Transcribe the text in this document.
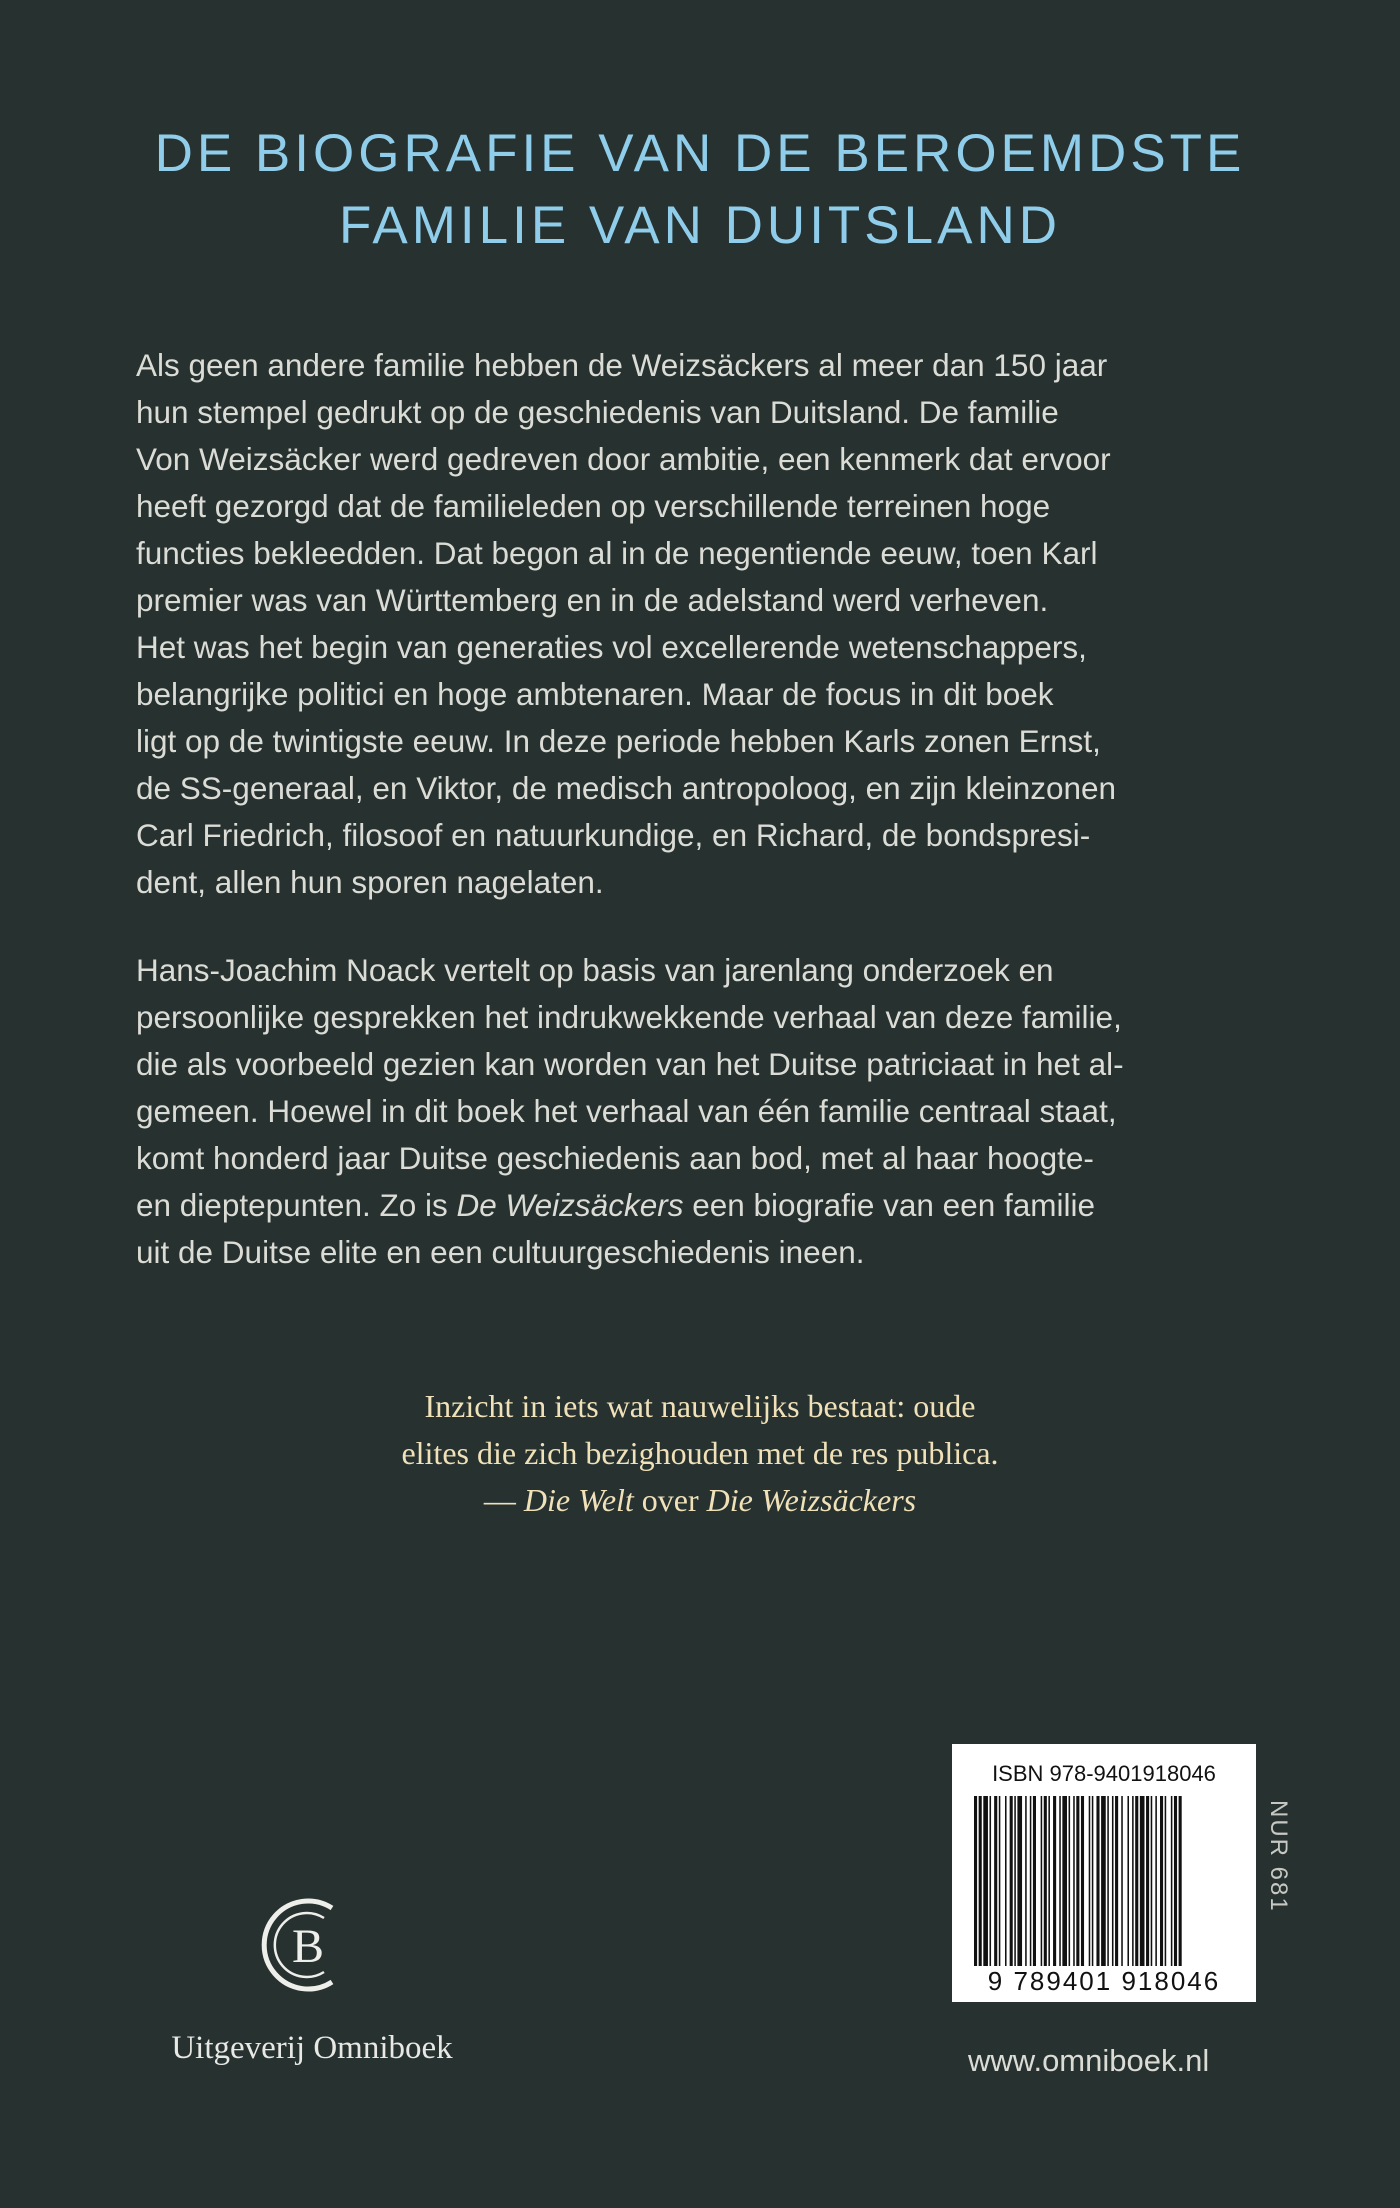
DE BIOGRAFIE VAN DE BEROEMDSTE
FAMILIE VAN DUITSLAND
Als geen andere familie hebben de Weizsäckers al meer dan 150 jaar
hun stempel gedrukt op de geschiedenis van Duitsland. De familie
Von Weizsäcker werd gedreven door ambitie, een kenmerk dat ervoor
heeft gezorgd dat de familieleden op verschillende terreinen hoge
functies bekleedden. Dat begon al in de negentiende eeuw, toen Karl
premier was van Württemberg en in de adelstand werd verheven.
Het was het begin van generaties vol excellerende wetenschappers,
belangrijke politici en hoge ambtenaren. Maar de focus in dit boek
ligt op de twintigste eeuw. In deze periode hebben Karls zonen Ernst,
de SS-generaal, en Viktor, de medisch antropoloog, en zijn kleinzonen
Carl Friedrich, filosoof en natuurkundige, en Richard, de bondspresi-
dent, allen hun sporen nagelaten.
Hans-Joachim Noack vertelt op basis van jarenlang onderzoek en
persoonlijke gesprekken het indrukwekkende verhaal van deze familie,
die als voorbeeld gezien kan worden van het Duitse patriciaat in het al-
gemeen. Hoewel in dit boek het verhaal van één familie centraal staat,
komt honderd jaar Duitse geschiedenis aan bod, met al haar hoogte-
en dieptepunten. Zo is De Weizsäckers een biografie van een familie
uit de Duitse elite en een cultuurgeschiedenis ineen.
Inzicht in iets wat nauwelijks bestaat: oude
elites die zich bezighouden met de res publica.
— Die Welt over Die Weizsäckers
ISBN 978-9401918046
9 789401 918046
NUR 681
B
Uitgeverij Omniboek	www.omniboek.nl
